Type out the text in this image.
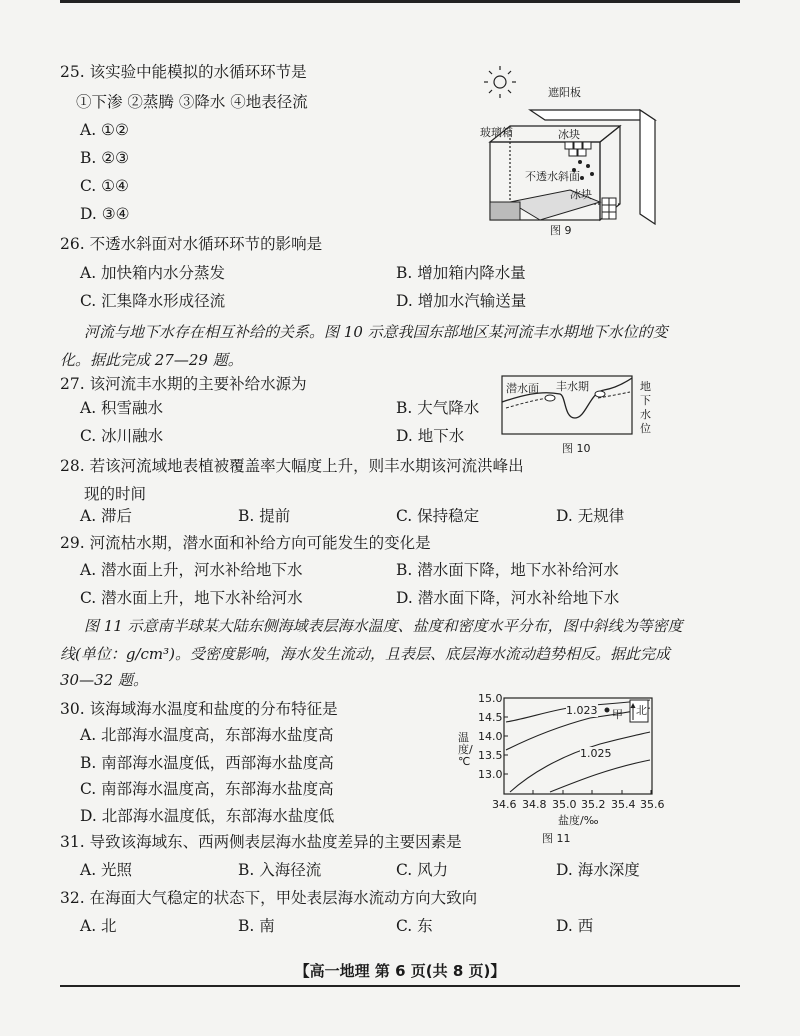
25. 该实验中能模拟的水循环环节是
①下渗 ②蒸腾 ③降水 ④地表径流
A. ①②
B. ②③
C. ①④
D. ③④
遮阳板
玻璃箱	冰块
不透水斜面
冰块
图 9
26. 不透水斜面对水循环环节的影响是
A. 加快箱内水分蒸发	B. 增加箱内降水量
C. 汇集降水形成径流	D. 增加水汽输送量
河流与地下水存在相互补给的关系。图 10 示意我国东部地区某河流丰水期地下水位的变
化。据此完成 27—29 题。
潜水面 丰水期	地
下
水
位
图 10
27. 该河流丰水期的主要补给水源为
A. 积雪融水	B. 大气降水
C. 冰川融水	D. 地下水
28. 若该河流域地表植被覆盖率大幅度上升，则丰水期该河流洪峰出
现的时间
A. 滞后	B. 提前	C. 保持稳定	D. 无规律
29. 河流枯水期，潜水面和补给方向可能发生的变化是
A. 潜水面上升，河水补给地下水	B. 潜水面下降，地下水补给河水
C. 潜水面上升，地下水补给河水	D. 潜水面下降，河水补给地下水
图 11 示意南半球某大陆东侧海域表层海水温度、盐度和密度水平分布，图中斜线为等密度
线(单位：g/cm³)。受密度影响，海水发生流动，且表层、底层海水流动趋势相反。据此完成
30—32 题。
15.0
14.5
14.0
13.5
13.0
温度/℃
34.6 34.8 35.0 35.2 35.4 35.6
盐度/‰
1.023
1.025
甲 北
图 11
30. 该海域海水温度和盐度的分布特征是
A. 北部海水温度高，东部海水盐度高
B. 南部海水温度低，西部海水盐度高
C. 南部海水温度高，东部海水盐度高
D. 北部海水温度低，东部海水盐度低
31. 导致该海域东、西两侧表层海水盐度差异的主要因素是
A. 光照	B. 入海径流	C. 风力	D. 海水深度
32. 在海面大气稳定的状态下，甲处表层海水流动方向大致向
A. 北	B. 南	C. 东	D. 西
【高一地理 第 6 页(共 8 页)】
